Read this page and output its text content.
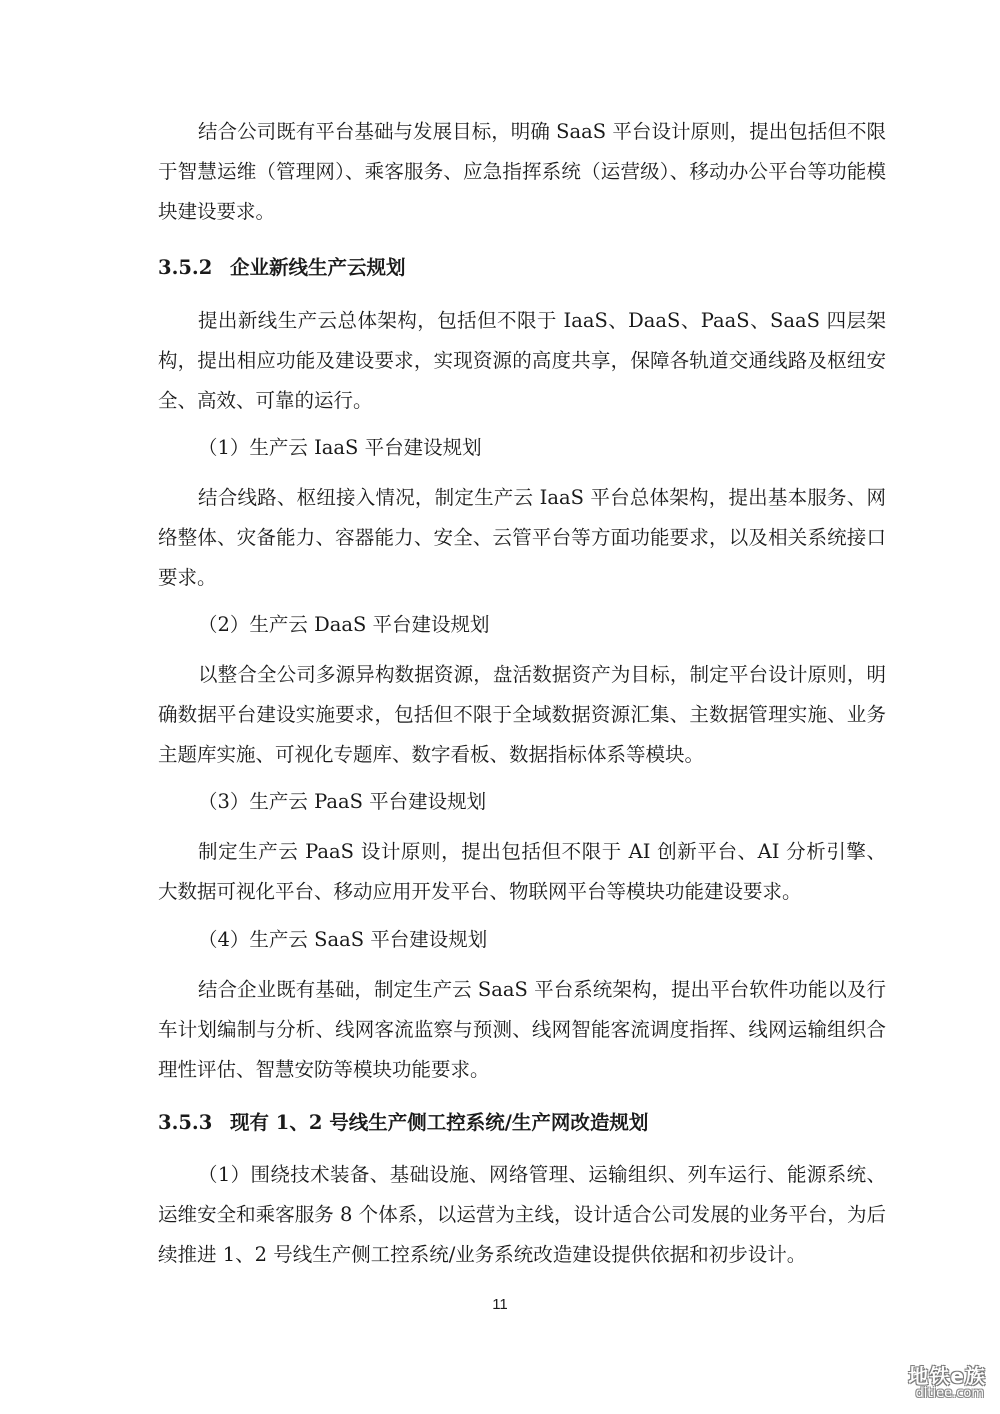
结合公司既有平台基础与发展目标，明确 SaaS 平台设计原则，提出包括但不限于智慧运维（管理网）、乘客服务、应急指挥系统（运营级）、移动办公平台等功能模块建设要求。

3.5.2 企业新线生产云规划

提出新线生产云总体架构，包括但不限于 IaaS、DaaS、PaaS、SaaS 四层架构，提出相应功能及建设要求，实现资源的高度共享，保障各轨道交通线路及枢纽安全、高效、可靠的运行。

（1）生产云 IaaS 平台建设规划

结合线路、枢纽接入情况，制定生产云 IaaS 平台总体架构，提出基本服务、网络整体、灾备能力、容器能力、安全、云管平台等方面功能要求，以及相关系统接口要求。

（2）生产云 DaaS 平台建设规划

以整合全公司多源异构数据资源，盘活数据资产为目标，制定平台设计原则，明确数据平台建设实施要求，包括但不限于全域数据资源汇集、主数据管理实施、业务主题库实施、可视化专题库、数字看板、数据指标体系等模块。

（3）生产云 PaaS 平台建设规划

制定生产云 PaaS 设计原则，提出包括但不限于 AI 创新平台、AI 分析引擎、大数据可视化平台、移动应用开发平台、物联网平台等模块功能建设要求。

（4）生产云 SaaS 平台建设规划

结合企业既有基础，制定生产云 SaaS 平台系统架构，提出平台软件功能以及行车计划编制与分析、线网客流监察与预测、线网智能客流调度指挥、线网运输组织合理性评估、智慧安防等模块功能要求。

3.5.3 现有 1、2 号线生产侧工控系统/生产网改造规划

（1）围绕技术装备、基础设施、网络管理、运输组织、列车运行、能源系统、运维安全和乘客服务 8 个体系，以运营为主线，设计适合公司发展的业务平台，为后续推进 1、2 号线生产侧工控系统/业务系统改造建设提供依据和初步设计。

11
地铁e族
ditiee.com
